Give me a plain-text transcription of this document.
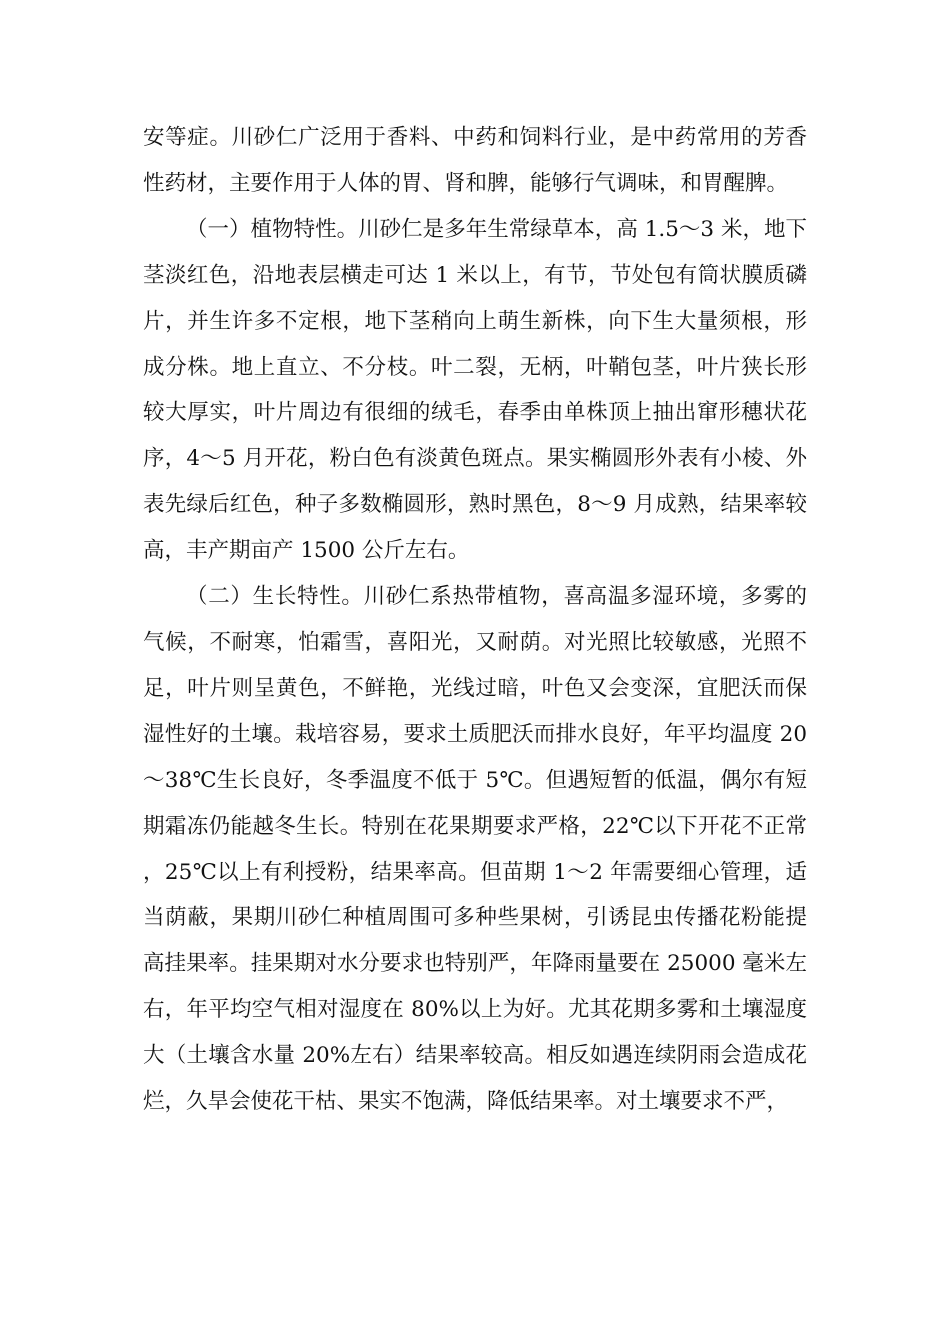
安等症。川砂仁广泛用于香料、中药和饲料行业，是中药常用的芳香性药材，主要作用于人体的胃、肾和脾，能够行气调味，和胃醒脾。

（一）植物特性。川砂仁是多年生常绿草本，高 1.5～3 米，地下茎淡红色，沿地表层横走可达 1 米以上，有节，节处包有筒状膜质磷片，并生许多不定根，地下茎稍向上萌生新株，向下生大量须根，形成分株。地上直立、不分枝。叶二裂，无柄，叶鞘包茎，叶片狭长形较大厚实，叶片周边有很细的绒毛，春季由单株顶上抽出窜形穗状花序，4～5 月开花，粉白色有淡黄色斑点。果实椭圆形外表有小棱、外表先绿后红色，种子多数椭圆形，熟时黑色，8～9 月成熟，结果率较高，丰产期亩产 1500 公斤左右。

（二）生长特性。川砂仁系热带植物，喜高温多湿环境，多雾的气候，不耐寒，怕霜雪，喜阳光，又耐荫。对光照比较敏感，光照不足，叶片则呈黄色，不鲜艳，光线过暗，叶色又会变深，宜肥沃而保湿性好的土壤。栽培容易，要求土质肥沃而排水良好，年平均温度 20～38℃生长良好，冬季温度不低于 5℃。但遇短暂的低温，偶尔有短期霜冻仍能越冬生长。特别在花果期要求严格，22℃以下开花不正常，25℃以上有利授粉，结果率高。但苗期 1～2 年需要细心管理，适当荫蔽，果期川砂仁种植周围可多种些果树，引诱昆虫传播花粉能提高挂果率。挂果期对水分要求也特别严，年降雨量要在 25000 毫米左右，年平均空气相对湿度在 80%以上为好。尤其花期多雾和土壤湿度大（土壤含水量 20%左右）结果率较高。相反如遇连续阴雨会造成花烂，久旱会使花干枯、果实不饱满，降低结果率。对土壤要求不严，
